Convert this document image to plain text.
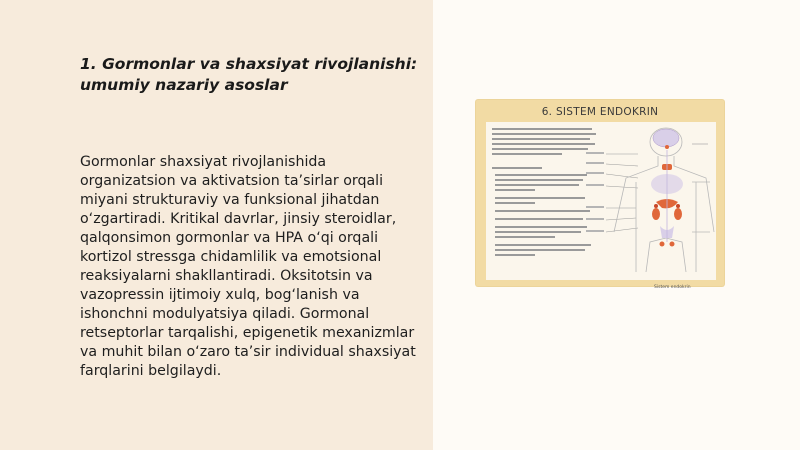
1. Gormonlar va shaxsiyat rivojlanishi: umumiy nazariy asoslar

Gormonlar shaxsiyat rivojlanishida organizatsion va aktivatsion ta’sirlar orqali miyani strukturaviy va funksional jihatdan o‘zgartiradi. Kritikal davrlar, jinsiy steroidlar, qalqonsimon gormonlar va HPA o‘qi orqali kortizol stressga chidamlilik va emotsional reaksiyalarni shakllantiradi. Oksitotsin va vazopressin ijtimoiy xulq, bog‘lanish va ishonchni modulyatsiya qiladi. Gormonal retseptorlar tarqalishi, epigenetik mexanizmlar va muhit bilan o‘zaro ta’sir individual shaxsiyat farqlarini belgilaydi.

6. SISTEM ENDOKRIN
Sistem endokrin
